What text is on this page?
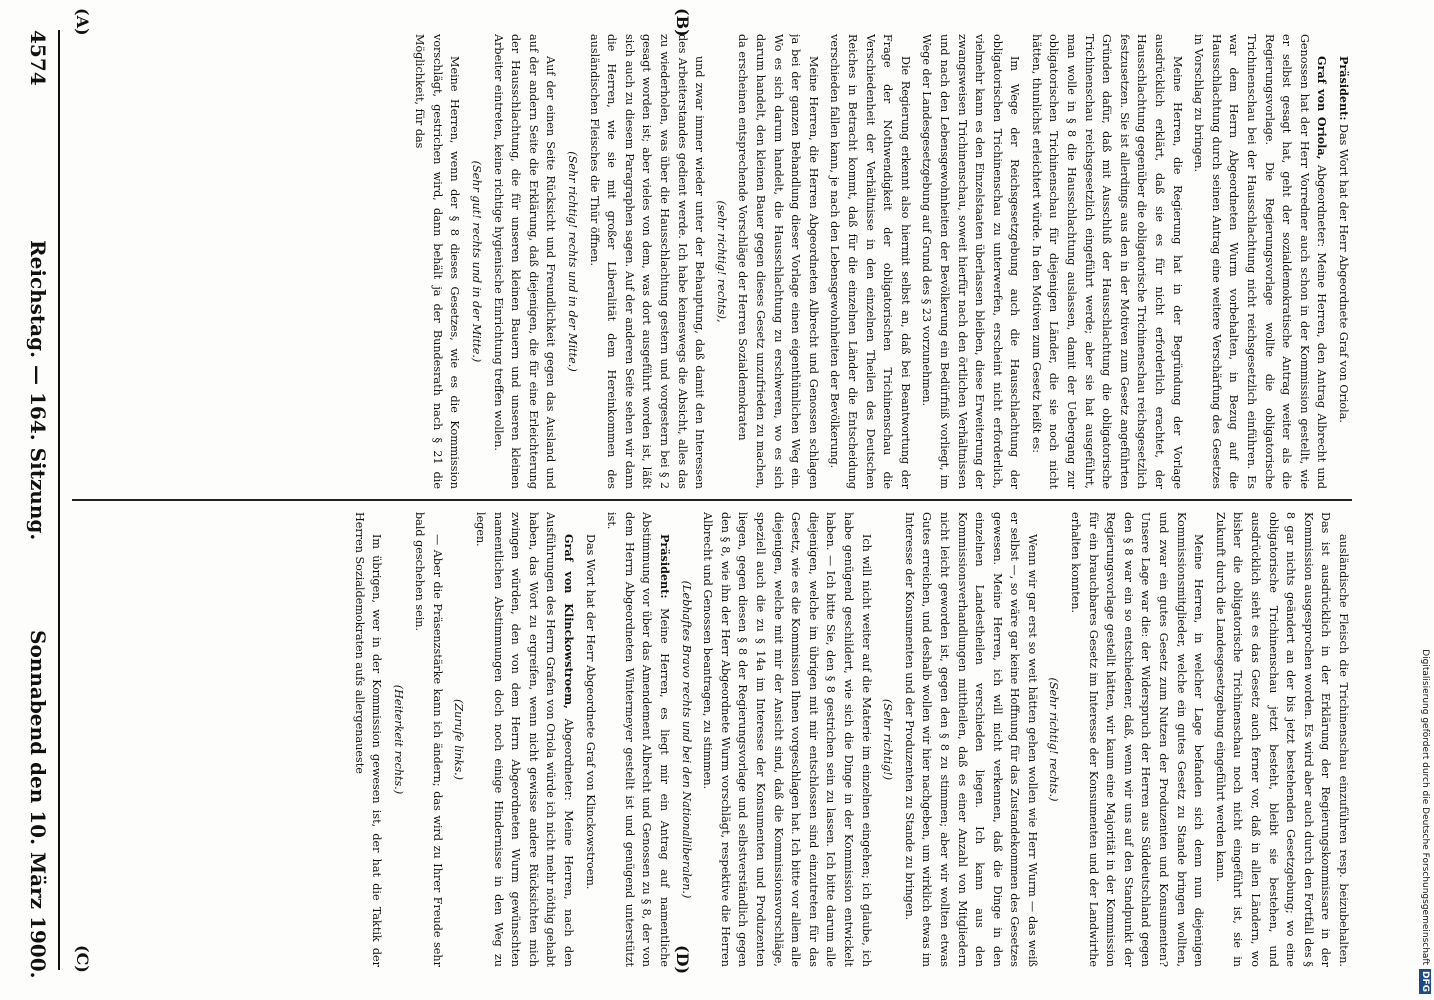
4574
Reichstag. — 164. Sitzung.
Sonnabend den 10. März 1900.
(A)	(B)
(C)	(D)

Präsident: Das Wort hat der Herr Abgeordnete Graf von Oriola.

Graf von Oriola, Abgeordneter: Meine Herren, den Antrag Albrecht und Genossen hat der Herr Vorredner auch schon in der Kommission gestellt, wie er selbst gesagt hat, geht der sozialdemokratische Antrag weiter als die Regierungsvorlage. Die Regierungsvorlage wollte die obligatorische Trichinenschau bei der Hausschlachtung nicht reichsgesetzlich einführen. Es war dem Herrn Abgeordneten Wurm vorbehalten, in Bezug auf die Hausschlachtung durch seinen Antrag eine weitere Verschärfung des Gesetzes in Vorschlag zu bringen.

Meine Herren, die Regierung hat in der Begründung der Vorlage ausdrücklich erklärt, daß sie es für nicht erforderlich erachtet, der Hausschlachtung gegenüber die obligatorische Trichinenschau reichsgesetzlich festzusetzen. Sie ist allerdings aus den in der Motiven zum Gesetz angeführten Gründen dafür, daß mit Ausschluß der Hausschlachtung die obligatorische Trichinenschau reichsgesetzlich eingeführt werde; aber sie hat ausgeführt, man wolle in § 8 die Hausschlachtung auslassen, damit der Uebergang zur obligatorischen Trichinenschau für diejenigen Länder, die sie noch nicht hätten, thunlichst erleichtert würde. In den Motiven zum Gesetz heißt es:

Im Wege der Reichsgesetzgebung auch die Hausschlachtung der obligatorischen Trichinenschau zu unterwerfen, erscheint nicht erforderlich, vielmehr kann es den Einzelstaaten überlassen bleiben, diese Erweiterung der zwangsweisen Trichinenschau, soweit hierfür nach den örtlichen Verhältnissen und nach den Lebensgewohnheiten der Bevölkerung ein Bedürfniß vorliegt, im Wege der Landesgesetzgebung auf Grund des § 23 vorzunehmen.

Die Regierung erkennt also hiermit selbst an, daß bei Beantwortung der Frage der Nothwendigkeit der obligatorischen Trichinenschau die Verschiedenheit der Verhältnisse in den einzelnen Theilen des Deutschen Reiches in Betracht kommt, daß für die einzelnen Länder die Entscheidung verschieden fallen kann, je nach den Lebensgewohnheiten der Bevölkerung.

Meine Herren, die Herren Abgeordneten Albrecht und Genossen schlagen ja bei der ganzen Behandlung dieser Vorlage einen eigenthümlichen Weg ein. Wo es sich darum handelt, die Hausschlachtung zu erschweren, wo es sich darum handelt, den kleinen Bauer gegen dieses Gesetz unzufrieden zu machen, da erscheinen entsprechende Vorschläge der Herren Sozialdemokraten

(sehr richtig! rechts),

und zwar immer wieder unter der Behauptung, daß damit den Interessen des Arbeiterstandes gedient werde. Ich habe keineswegs die Absicht, alles das zu wiederholen, was über die Hausschlachtung gestern und vorgestern bei § 2 gesagt worden ist; aber vieles von dem, was dort ausgeführt worden ist, läßt sich auch zu diesem Paragraphen sagen. Auf der anderen Seite sehen wir dann die Herren, wie sie mit großer Liberalität dem Hereinkommen des ausländischen Fleisches die Thür öffnen.

(Sehr richtig! rechts und in der Mitte.)

Auf der einen Seite Rücksicht und Freundlichkeit gegen das Ausland und auf der andern Seite die Erklärung, daß diejenigen, die für eine Erleichterung der Hausschlachtung, die für unseren kleinen Bauern und unseren kleinen Arbeiter eintreten, keine richtige hygienische Einrichtung treffen wollen.

(Sehr gut! rechts und in der Mitte.)

Meine Herren, wenn der § 8 dieses Gesetzes, wie es die Kommission vorschlägt, gestrichen wird, dann behält ja der Bundesrath nach § 21 die Möglichkeit, für das

ausländische Fleisch die Trichinenschau einzuführen resp. beizubehalten. Das ist ausdrücklich in der Erklärung der Regierungskommissare in der Kommission ausgesprochen worden. Es wird aber auch durch den Fortfall des § 8 gar nichts geändert an der bis jetzt bestehenden Gesetzgebung; wo eine obligatorische Trichinenschau jetzt besteht, bleibt sie bestehen, und ausdrücklich sieht es das Gesetz auch ferner vor, daß in allen Ländern, wo bisher die obligatorische Trichinenschau noch nicht eingeführt ist, sie in Zukunft durch die Landesgesetzgebung eingeführt werden kann.

Meine Herren, in welcher Lage befanden sich denn nun diejenigen Kommissionsmitglieder, welche ein gutes Gesetz zu Stande bringen wollten, und zwar ein gutes Gesetz zum Nutzen der Produzenten und Konsumenten? Unsere Lage war die: der Widerspruch der Herren aus Süddeutschland gegen den § 8 war ein so entschiedener, daß, wenn wir uns auf den Standpunkt der Regierungsvorlage gestellt hätten, wir kaum eine Majorität in der Kommission für ein brauchbares Gesetz im Interesse der Konsumenten und der Landwirthe erhalten konnten.

(Sehr richtig! rechts.)

Wenn wir gar erst so weit hätten gehen wollen wie Herr Wurm — das weiß er selbst —, so wäre gar keine Hoffnung für das Zustandekommen des Gesetzes gewesen. Meine Herren, ich will nicht verkennen, daß die Dinge in den einzelnen Landestheilen verschieden liegen. Ich kann aus den Kommissionsverhandlungen mittheilen, daß es einer Anzahl von Mitgliedern nicht leicht geworden ist, gegen den § 8 zu stimmen; aber wir wollten etwas Gutes erreichen, und deshalb wollen wir hier nachgeben, um wirklich etwas im Interesse der Konsumenten und der Produzenten zu Stande zu bringen.

(Sehr richtig!)

Ich will nicht weiter auf die Materie im einzelnen eingehen; ich glaube, ich habe genügend geschildert, wie sich die Dinge in der Kommission entwickelt haben. — Ich bitte Sie, den § 8 gestrichen sein zu lassen. Ich bitte darum alle diejenigen, welche im übrigen mit mir entschlossen sind einzutreten für das Gesetz, wie es die Kommission Ihnen vorgeschlagen hat. Ich bitte vor allem alle diejenigen, welche mit mir der Ansicht sind, daß die Kommissionsvorschläge, speziell auch die zu § 14a im Interesse der Konsumenten und Produzenten liegen, gegen diesen § 8 der Regierungsvorlage und selbstverständlich gegen den § 8, wie ihn der Herr Abgeordnete Wurm vorschlägt, respektive die Herren Albrecht und Genossen beantragen, zu stimmen.

(Lebhaftes Bravo rechts und bei den Nationalliberalen.)

Präsident: Meine Herren, es liegt mir ein Antrag auf namentliche Abstimmung vor über das Amendement Albrecht und Genossen zu § 8, der von dem Herrn Abgeordneten Wintermeyer gestellt ist und genügend unterstützt ist.

Das Wort hat der Herr Abgeordnete Graf von Klinckowstroem.

Graf von Klinckowstroem, Abgeordneter: Meine Herren, nach den Ausführungen des Herrn Grafen von Oriola würde ich nicht mehr nöthig gehabt haben, das Wort zu ergreifen, wenn nicht gewisse andere Rücksichten mich zwingen würden, den von dem Herrn Abgeordneten Wurm gewünschten namentlichen Abstimmungen doch noch einige Hindernisse in den Weg zu legen.

(Zurufe links.)

— Aber die Präsenzstärke kann ich ändern; das wird zu Ihrer Freude sehr bald geschehen sein.

(Heiterkeit rechts.)

Im übrigen, wer in der Kommission gewesen ist, der hat die Taktik der Herren Sozialdemokraten aufs allergenaueste

Digitalisierung gefördert durch die Deutsche ForschungsgemeinschaftDFG
